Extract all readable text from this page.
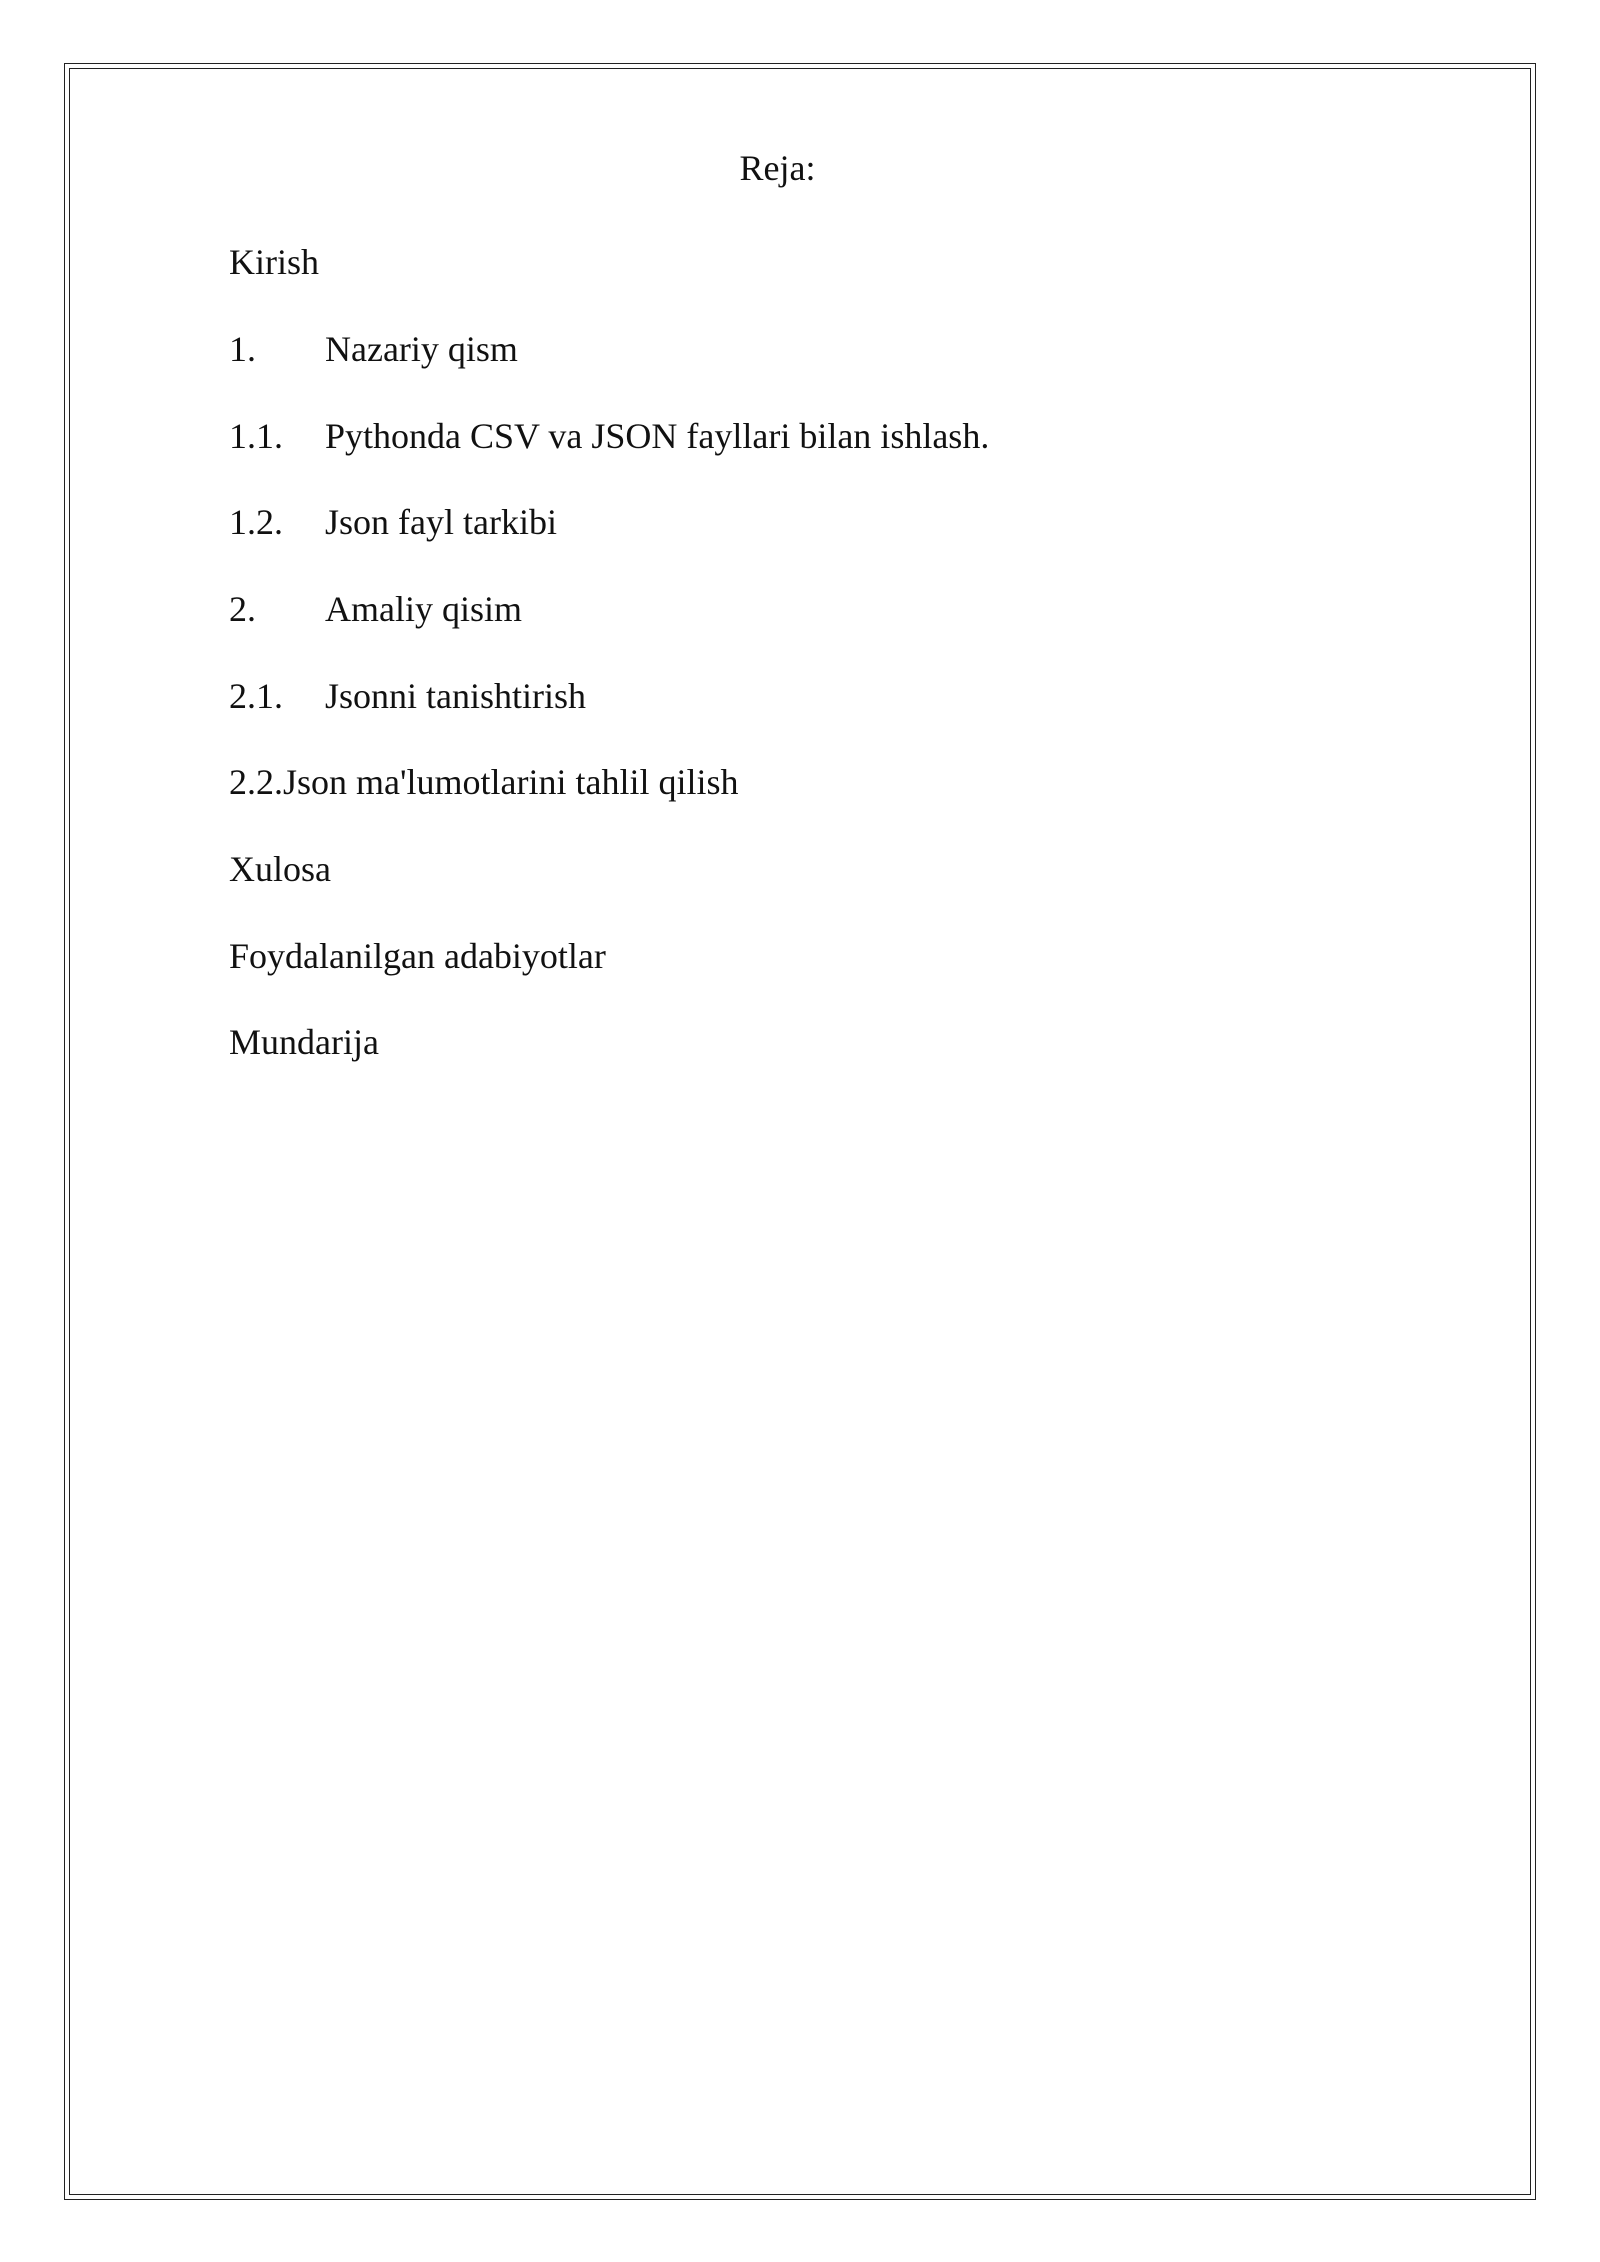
Reja:
Kirish
1. Nazariy qism
1.1. Pythonda CSV va JSON fayllari bilan ishlash.
1.2. Json fayl tarkibi
2. Amaliy qisim
2.1. Jsonni tanishtirish
2.2.Json ma'lumotlarini tahlil qilish
Xulosa
Foydalanilgan adabiyotlar
Mundarija
